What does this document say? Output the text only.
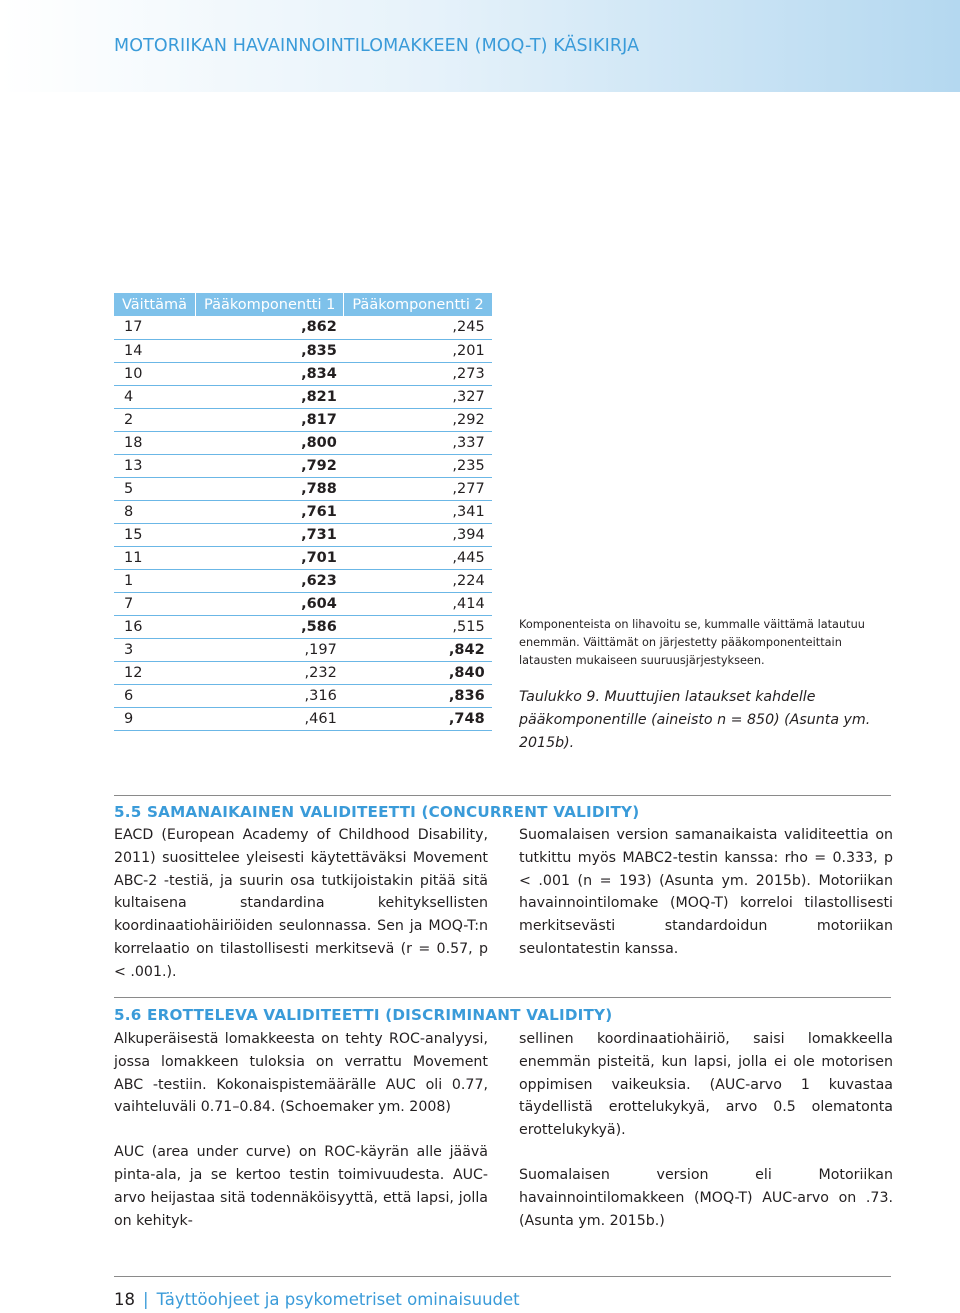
MOTORIIKAN HAVAINNOINTILOMAKKEEN (MOQ-T) KÄSIKIRJA
Väittämä	Pääkomponentti 1	Pääkomponentti 2
17	,862	,245
14	,835	,201
10	,834	,273
4	,821	,327
2	,817	,292
18	,800	,337
13	,792	,235
5	,788	,277
8	,761	,341
15	,731	,394
11	,701	,445
1	,623	,224
7	,604	,414
16	,586	,515
3	,197	,842
12	,232	,840
6	,316	,836
9	,461	,748
Komponenteista on lihavoitu se, kummalle väittämä latautuu enemmän. Väittämät on järjestetty pääkomponenteittain latausten mukaiseen suuruusjärjestykseen.
Taulukko 9. Muuttujien lataukset kahdelle pääkomponentille (aineisto n = 850) (Asunta ym. 2015b).
5.5 SAMANAIKAINEN VALIDITEETTI (CONCURRENT VALIDITY)

EACD (European Academy of Childhood Disability, 2011) suosittelee yleisesti käytettäväksi Movement ABC-2 -testiä, ja suurin osa tutkijoistakin pitää sitä kultaisena standardina kehityksellisten koordinaatiohäiriöiden seulonnassa. Sen ja MOQ-T:n korrelaatio on tilastollisesti merkitsevä (r = 0.57, p < .001.).

Suomalaisen version samanaikaista validiteettia on tutkittu myös MABC2-testin kanssa: rho = 0.333, p < .001 (n = 193) (Asunta ym. 2015b). Motoriikan havainnointilomake (MOQ-T) korreloi tilastollisesti merkitsevästi standardoidun motoriikan seulontatestin kanssa.

5.6 EROTTELEVA VALIDITEETTI (DISCRIMINANT VALIDITY)

Alkuperäisestä lomakkeesta on tehty ROC-analyysi, jossa lomakkeen tuloksia on verrattu Movement ABC -testiin. Kokonaispistemäärälle AUC oli 0.77, vaihteluväli 0.71–0.84. (Schoemaker ym. 2008)

AUC (area under curve) on ROC-käyrän alle jäävä pinta-ala, ja se kertoo testin toimivuudesta. AUC-arvo heijastaa sitä todennäköisyyttä, että lapsi, jolla on kehityk-

sellinen koordinaatiohäiriö, saisi lomakkeella enemmän pisteitä, kun lapsi, jolla ei ole motorisen oppimisen vaikeuksia. (AUC-arvo 1 kuvastaa täydellistä erottelukykyä, arvo 0.5 olematonta erottelukykyä).

Suomalaisen version eli Motoriikan havainnointilomakkeen (MOQ-T) AUC-arvo on .73. (Asunta ym. 2015b.)

18 | Täyttöohjeet ja psykometriset ominaisuudet
